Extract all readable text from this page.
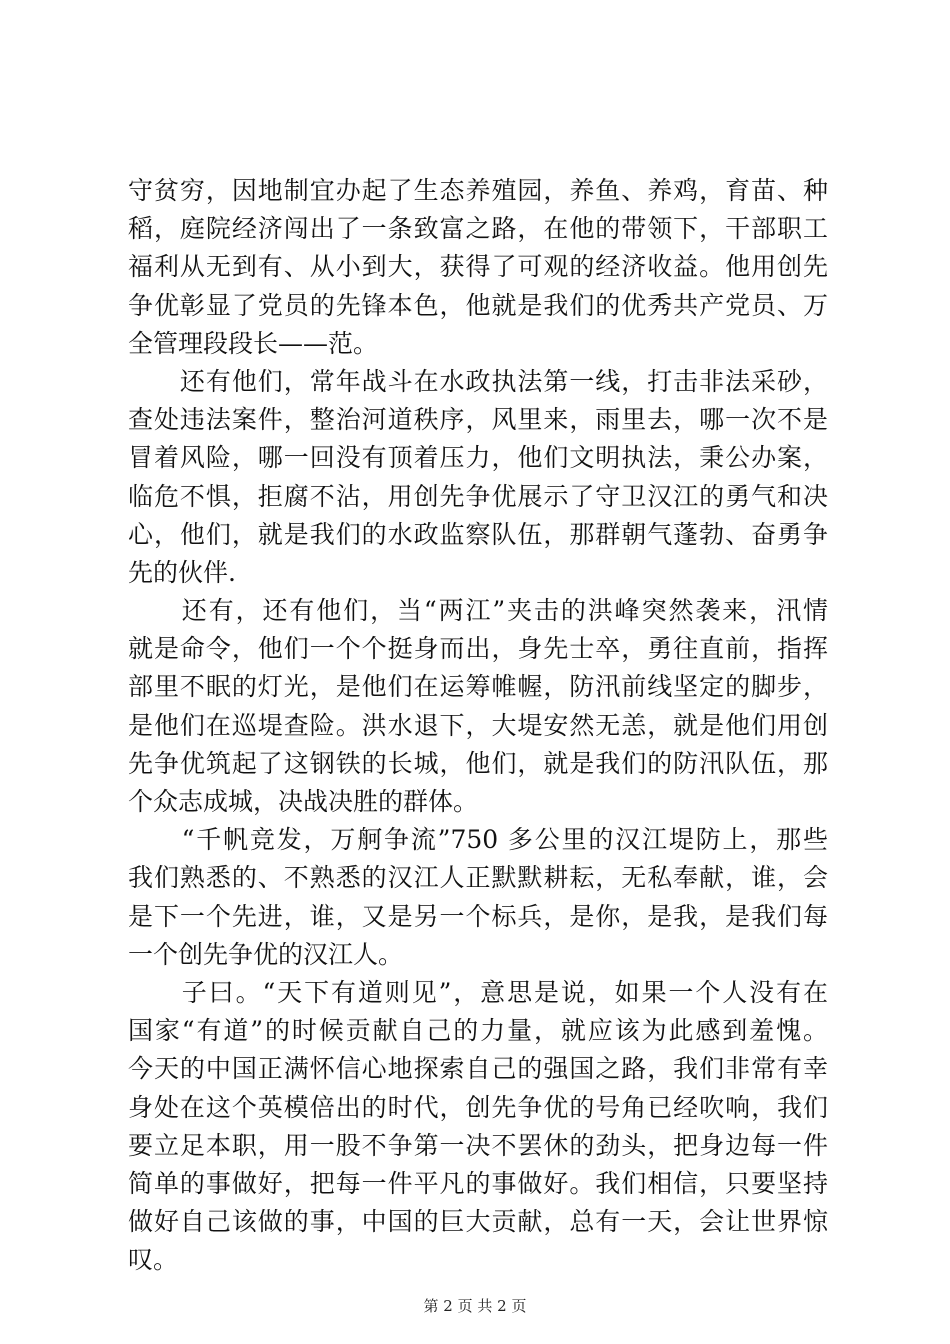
守贫穷，因地制宜办起了生态养殖园，养鱼、养鸡，育苗、种
稻，庭院经济闯出了一条致富之路，在他的带领下，干部职工
福利从无到有、从小到大，获得了可观的经济收益。他用创先
争优彰显了党员的先锋本色，他就是我们的优秀共产党员、万
全管理段段长——范。
　　还有他们，常年战斗在水政执法第一线，打击非法采砂，
查处违法案件，整治河道秩序，风里来，雨里去，哪一次不是
冒着风险，哪一回没有顶着压力，他们文明执法，秉公办案，
临危不惧，拒腐不沾，用创先争优展示了守卫汉江的勇气和决
心，他们，就是我们的水政监察队伍，那群朝气蓬勃、奋勇争
先的伙伴.
　　还有，还有他们，当“两江”夹击的洪峰突然袭来，汛情
就是命令，他们一个个挺身而出，身先士卒，勇往直前，指挥
部里不眠的灯光，是他们在运筹帷幄，防汛前线坚定的脚步，
是他们在巡堤查险。洪水退下，大堤安然无恙，就是他们用创
先争优筑起了这钢铁的长城，他们，就是我们的防汛队伍，那
个众志成城，决战决胜的群体。
　　“千帆竞发，万舸争流”750 多公里的汉江堤防上，那些
我们熟悉的、不熟悉的汉江人正默默耕耘，无私奉献，谁，会
是下一个先进，谁，又是另一个标兵，是你，是我，是我们每
一个创先争优的汉江人。
　　子曰。“天下有道则见”，意思是说，如果一个人没有在
国家“有道”的时候贡献自己的力量，就应该为此感到羞愧。
今天的中国正满怀信心地探索自己的强国之路，我们非常有幸
身处在这个英模倍出的时代，创先争优的号角已经吹响，我们
要立足本职，用一股不争第一决不罢休的劲头，把身边每一件
简单的事做好，把每一件平凡的事做好。我们相信，只要坚持
做好自己该做的事，中国的巨大贡献，总有一天，会让世界惊
叹。
第 2 页 共 2 页
